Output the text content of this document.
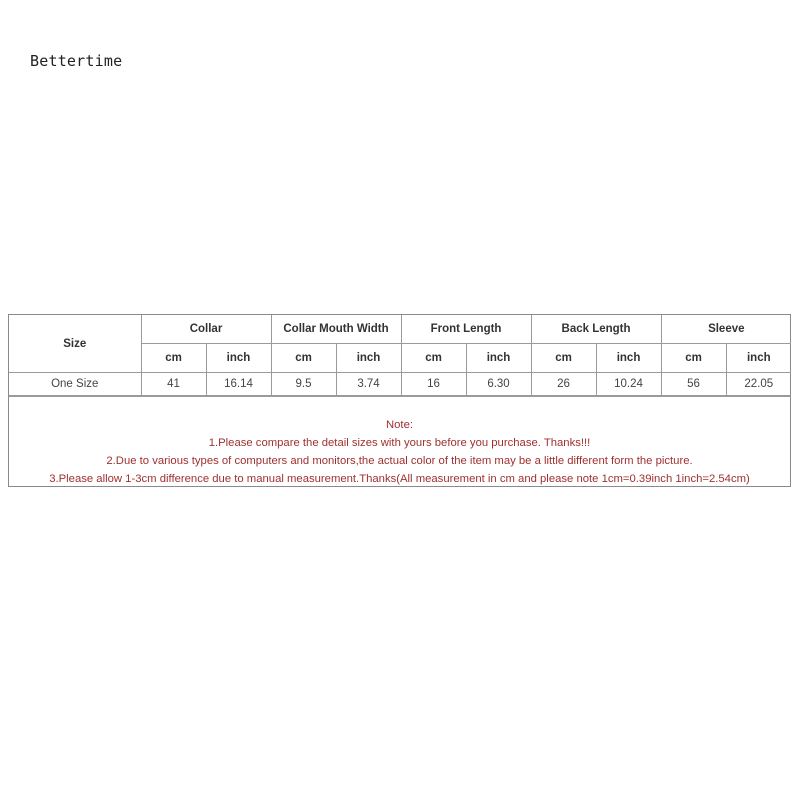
Bettertime
Size	Collar		Collar Mouth Width		Front Length		Back Length		Sleeve	
	cm	inch	cm	inch	cm	inch	cm	inch	cm	inch
One Size	41	16.14	9.5	3.74	16	6.30	26	10.24	56	22.05
Note:
1.Please compare the detail sizes with yours before you purchase. Thanks!!!
2.Due to various types of computers and monitors,the actual color of the item may be a little different form the picture.
3.Please allow 1-3cm difference due to manual measurement.Thanks(All measurement in cm and please note 1cm=0.39inch 1inch=2.54cm)
